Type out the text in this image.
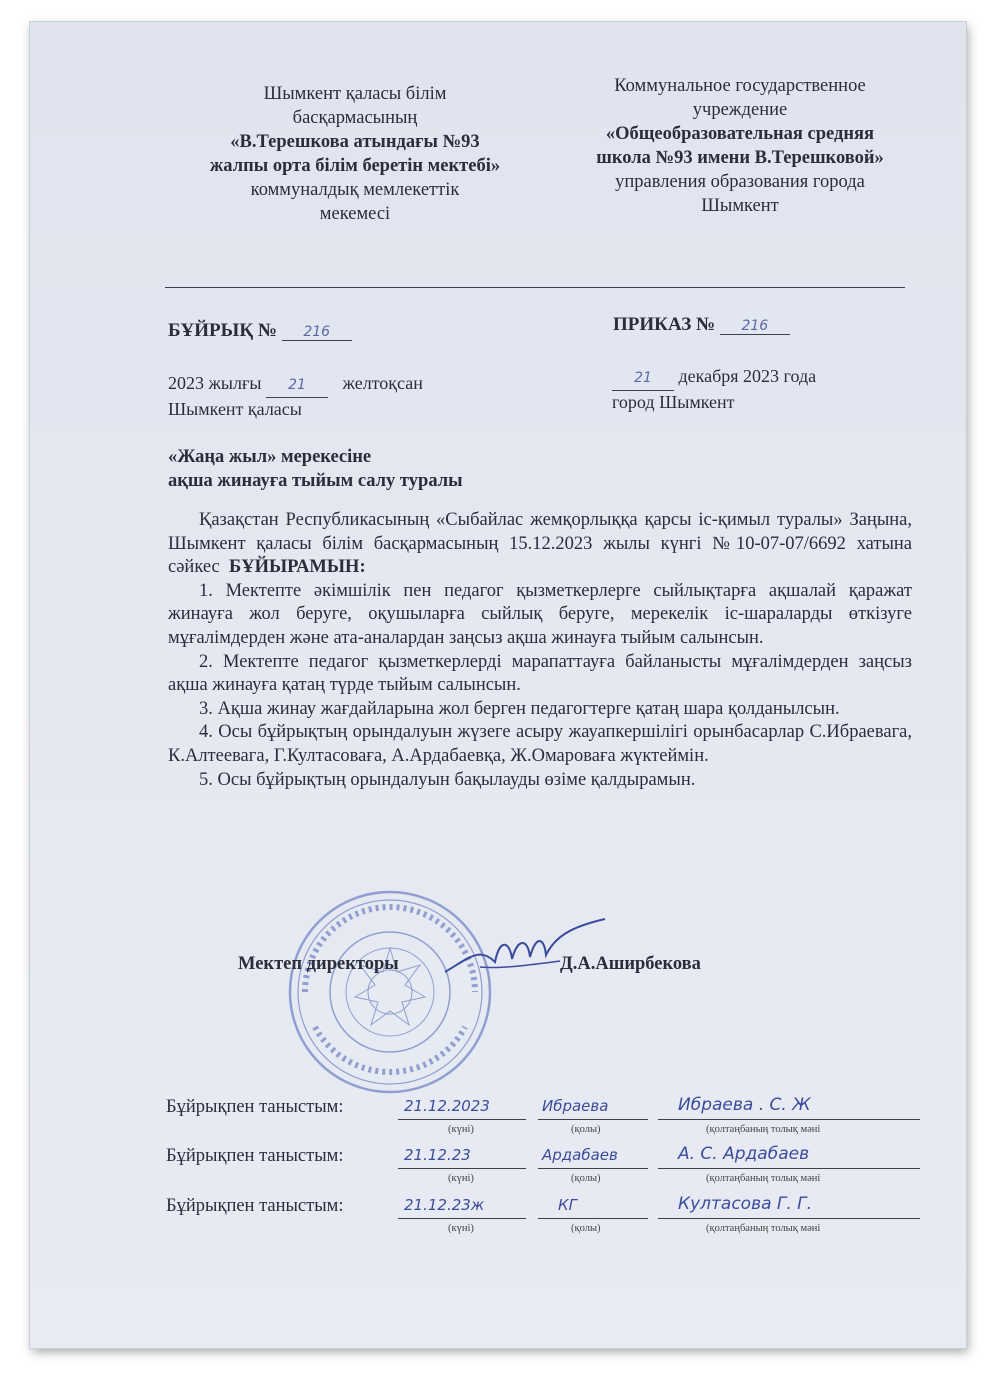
Шымкент қаласы білім
басқармасының
«В.Терешкова атындағы №93
жалпы орта білім беретін мектебі»
коммуналдық мемлекеттік
мекемесі
Коммунальное государственное
учреждение
«Общеобразовательная средняя
школа №93 имени В.Терешковой»
управления образования города
Шымкент
БҰЙРЫҚ № 216	ПРИКАЗ № 216
2023 жылғы 21 желтоқсан
Шымкент қаласы
21 декабря 2023 года
город Шымкент
«Жаңа жыл» мерекесіне
ақша жинауға тыйым салу туралы

Қазақстан Республикасының «Сыбайлас жемқорлыққа қарсы іс-қимыл туралы» Заңына, Шымкент қаласы білім басқармасының 15.12.2023 жылы күнгі №10-07-07/6692 хатына сәйкес БҰЙЫРАМЫН:

1. Мектепте әкімшілік пен педагог қызметкерлерге сыйлықтарға ақшалай қаражат жинауға жол беруге, оқушыларға сыйлық беруге, мерекелік іс-шараларды өткізуге мұғалімдерден және ата-аналардан заңсыз ақша жинауға тыйым салынсын.

2. Мектепте педагог қызметкерлерді марапаттауға байланысты мұғалімдерден заңсыз ақша жинауға қатаң түрде тыйым салынсын.

3. Ақша жинау жағдайларына жол берген педагогтерге қатаң шара қолданылсын.

4. Осы бұйрықтың орындалуын жүзеге асыру жауапкершілігі орынбасарлар С.Ибраевага, К.Алтеевага, Г.Култасоваға, А.Ардабаевқа, Ж.Омароваға жүктеймін.

5. Осы бұйрықтың орындалуын бақылауды өзіме қалдырамын.

Мектеп директоры	Д.А.Аширбекова
Бұйрықпен таныстым:	21.12.2023	Ибраева	Ибраева . С. Ж
(күні)	(қолы)	(қолтаңбаның толық мәні
Бұйрықпен таныстым:	21.12.23	Ардабаев	А. С. Ардабаев
(күні)	(қолы)	(қолтаңбаның толық мәні
Бұйрықпен таныстым:	21.12.23ж	КГ	Култасова Г. Г.
(күні)	(қолы)	(қолтаңбаның толық мәні
